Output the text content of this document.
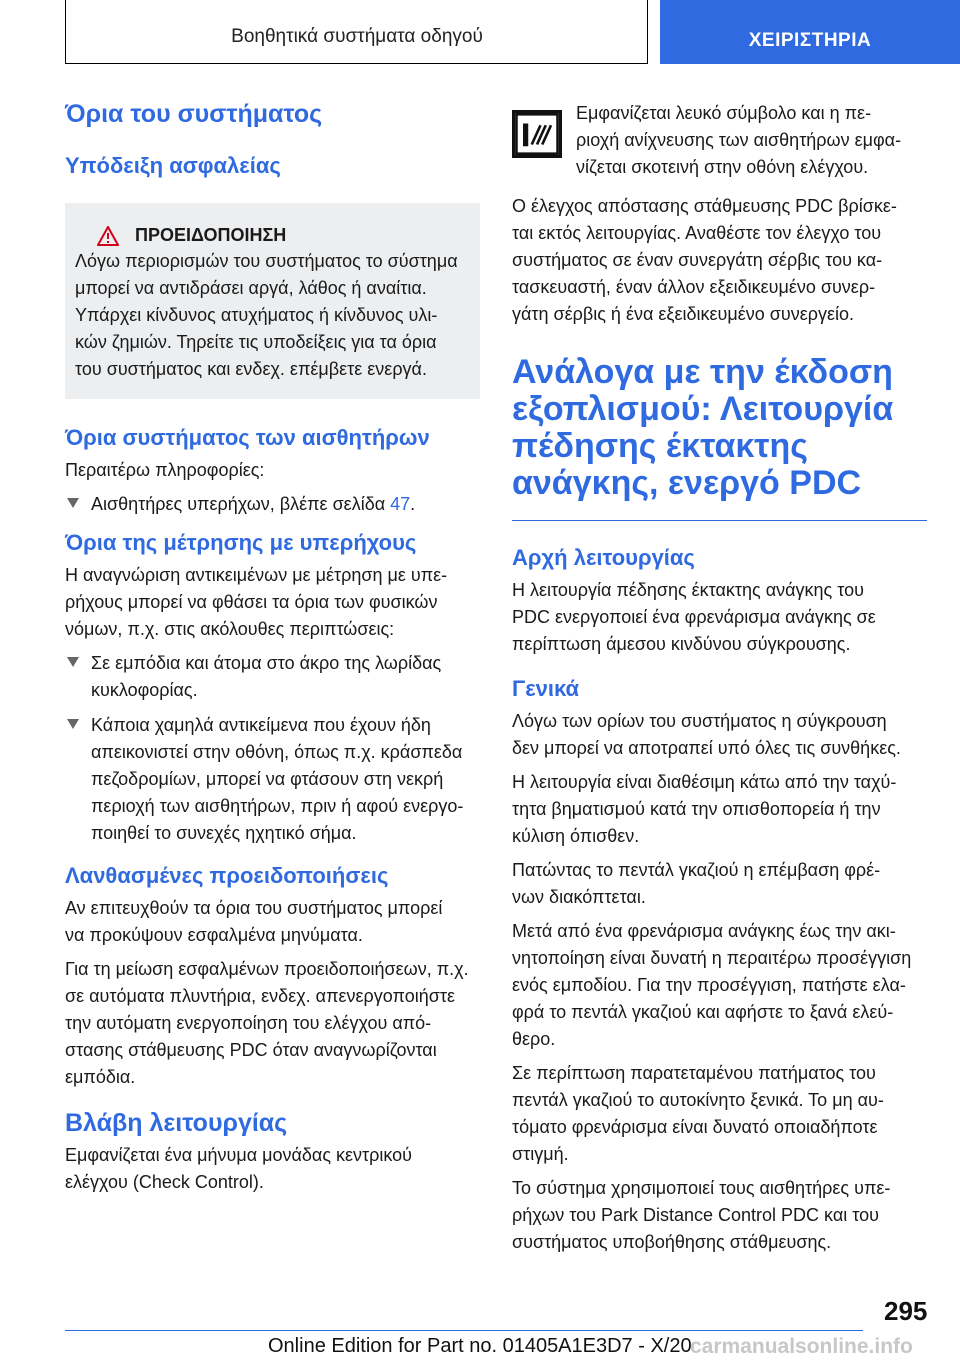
Βοηθητικά συστήματα οδηγού	ΧΕΙΡΙΣΤΗΡΙΑ
Όρια του συστήματος
Υπόδειξη ασφαλείας
ΠΡΟΕΙΔΟΠΟΙΗΣΗ

Λόγω περιορισμών του συστήματος το σύστημα

μπορεί να αντιδράσει αργά, λάθος ή αναίτια.

Υπάρχει κίνδυνος ατυχήματος ή κίνδυνος υλι-

κών ζημιών. Τηρείτε τις υποδείξεις για τα όρια

του συστήματος και ενδεχ. επέμβετε ενεργά.

Όρια συστήματος των αισθητήρων

Περαιτέρω πληροφορίες:

Αισθητήρες υπερήχων, βλέπε σελίδα 47.
Όρια της μέτρησης με υπερήχους

Η αναγνώριση αντικειμένων με μέτρηση με υπε-

ρήχους μπορεί να φθάσει τα όρια των φυσικών

νόμων, π.χ. στις ακόλουθες περιπτώσεις:

Σε εμπόδια και άτομα στο άκρο της λωρίδας
κυκλοφορίας.
Κάποια χαμηλά αντικείμενα που έχουν ήδη
απεικονιστεί στην οθόνη, όπως π.χ. κράσπεδα
πεζοδρομίων, μπορεί να φτάσουν στη νεκρή
περιοχή των αισθητήρων, πριν ή αφού ενεργο-
ποιηθεί το συνεχές ηχητικό σήμα.
Λανθασμένες προειδοποιήσεις

Αν επιτευχθούν τα όρια του συστήματος μπορεί
να προκύψουν εσφαλμένα μηνύματα.

Για τη μείωση εσφαλμένων προειδοποιήσεων, π.χ.
σε αυτόματα πλυντήρια, ενδεχ. απενεργοποιήστε
την αυτόματη ενεργοποίηση του ελέγχου από-
στασης στάθμευσης PDC όταν αναγνωρίζονται
εμπόδια.

Βλάβη λειτουργίας

Εμφανίζεται ένα μήνυμα μονάδας κεντρικού
ελέγχου (Check Control).

Εμφανίζεται λευκό σύμβολο και η πε-
ριοχή ανίχνευσης των αισθητήρων εμφα-
νίζεται σκοτεινή στην οθόνη ελέγχου.

Ο έλεγχος απόστασης στάθμευσης PDC βρίσκε-
ται εκτός λειτουργίας. Αναθέστε τον έλεγχο του
συστήματος σε έναν συνεργάτη σέρβις του κα-
τασκευαστή, έναν άλλον εξειδικευμένο συνερ-
γάτη σέρβις ή ένα εξειδικευμένο συνεργείο.

Ανάλογα με την έκδοση
εξοπλισμού: Λειτουργία
πέδησης έκτακτης
ανάγκης, ενεργό PDC
Αρχή λειτουργίας

Η λειτουργία πέδησης έκτακτης ανάγκης του
PDC ενεργοποιεί ένα φρενάρισμα ανάγκης σε
περίπτωση άμεσου κινδύνου σύγκρουσης.

Γενικά

Λόγω των ορίων του συστήματος η σύγκρουση
δεν μπορεί να αποτραπεί υπό όλες τις συνθήκες.

Η λειτουργία είναι διαθέσιμη κάτω από την ταχύ-
τητα βηματισμού κατά την οπισθοπορεία ή την
κύλιση όπισθεν.

Πατώντας το πεντάλ γκαζιού η επέμβαση φρέ-
νων διακόπτεται.

Μετά από ένα φρενάρισμα ανάγκης έως την ακι-
νητοποίηση είναι δυνατή η περαιτέρω προσέγγιση
ενός εμποδίου. Για την προσέγγιση, πατήστε ελα-
φρά το πεντάλ γκαζιού και αφήστε το ξανά ελεύ-
θερο.

Σε περίπτωση παρατεταμένου πατήματος του
πεντάλ γκαζιού το αυτοκίνητο ξενικά. Το μη αυ-
τόματο φρενάρισμα είναι δυνατό οποιαδήποτε
στιγμή.

Το σύστημα χρησιμοποιεί τους αισθητήρες υπε-
ρήχων του Park Distance Control PDC και του
συστήματος υποβοήθησης στάθμευσης.

295
Online Edition for Part no. 01405A1E3D7 - X/20
carmanualsonline.info
